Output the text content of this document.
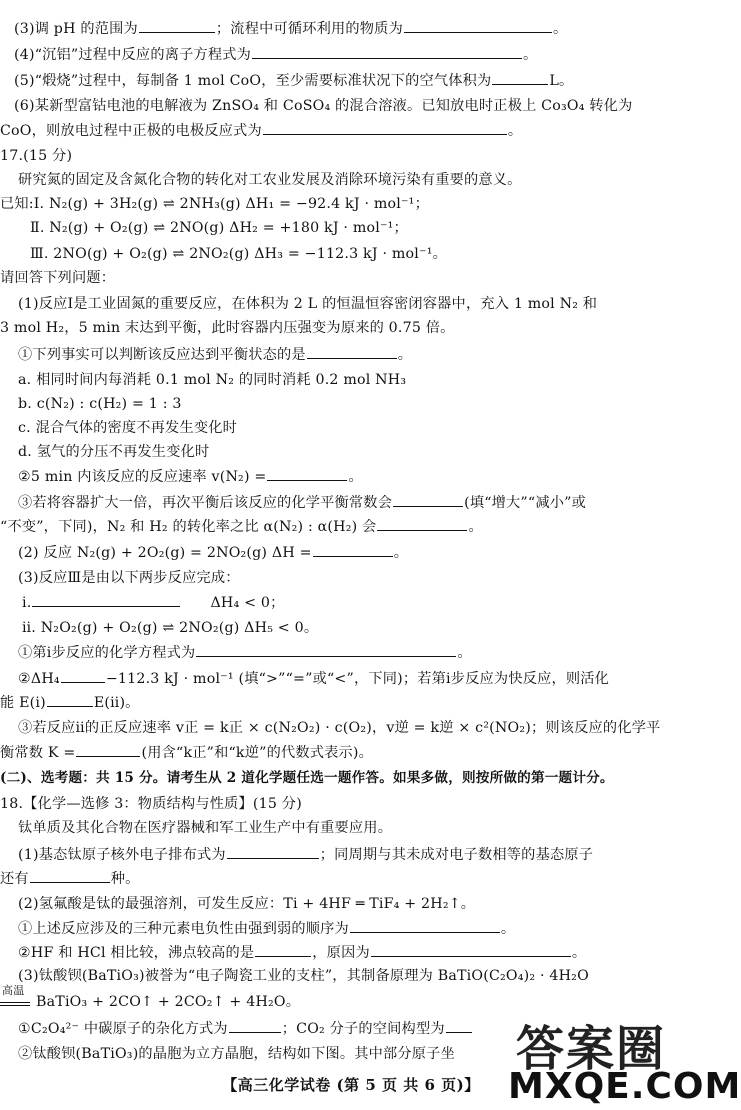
(3)调 pH 的范围为	；流程中可循环利用的物质为	。
(4)“沉铝”过程中反应的离子方程式为	。
(5)“煅烧”过程中，每制备 1 mol CoO，至少需要标准状况下的空气体积为	L。
(6)某新型富钴电池的电解液为 ZnSO₄ 和 CoSO₄ 的混合溶液。已知放电时正极上 Co₃O₄ 转化为
CoO，则放电过程中正极的电极反应式为	。
17.(15 分)
研究氮的固定及含氮化合物的转化对工农业发展及消除环境污染有重要的意义。
已知:Ⅰ. N₂(g) + 3H₂(g) ⇌ 2NH₃(g) ΔH₁ = −92.4 kJ · mol⁻¹；
Ⅱ. N₂(g) + O₂(g) ⇌ 2NO(g) ΔH₂ = +180 kJ · mol⁻¹；
Ⅲ. 2NO(g) + O₂(g) ⇌ 2NO₂(g) ΔH₃ = −112.3 kJ · mol⁻¹。
请回答下列问题：
(1)反应Ⅰ是工业固氮的重要反应，在体积为 2 L 的恒温恒容密闭容器中，充入 1 mol N₂ 和
3 mol H₂，5 min 末达到平衡，此时容器内压强变为原来的 0.75 倍。
①下列事实可以判断该反应达到平衡状态的是	。
a. 相同时间内每消耗 0.1 mol N₂ 的同时消耗 0.2 mol NH₃
b. c(N₂) : c(H₂) = 1 : 3
c. 混合气体的密度不再发生变化时
d. 氢气的分压不再发生变化时
②5 min 内该反应的反应速率 v(N₂) =	。
③若将容器扩大一倍，再次平衡后该反应的化学平衡常数会	(填“增大”“减小”或
“不变”，下同)，N₂ 和 H₂ 的转化率之比 α(N₂) : α(H₂) 会	。
(2) 反应 N₂(g) + 2O₂(g) = 2NO₂(g) ΔH =	。
(3)反应Ⅲ是由以下两步反应完成：
ⅰ.	ΔH₄ < 0；
ⅱ. N₂O₂(g) + O₂(g) ⇌ 2NO₂(g) ΔH₅ < 0。
①第ⅰ步反应的化学方程式为	。
②ΔH₄	−112.3 kJ · mol⁻¹ (填“>”“=”或“<”，下同)；若第ⅰ步反应为快反应，则活化
能 E(ⅰ)	E(ⅱ)。
③若反应ⅱ的正反应速率 v正 = k正 × c(N₂O₂) · c(O₂)，v逆 = k逆 × c²(NO₂)；则该反应的化学平
衡常数 K =	(用含“k正”和“k逆”的代数式表示)。
(二)、选考题：共 15 分。请考生从 2 道化学题任选一题作答。如果多做，则按所做的第一题计分。
18.【化学—选修 3：物质结构与性质】(15 分)
钛单质及其化合物在医疗器械和军工业生产中有重要应用。
(1)基态钛原子核外电子排布式为	；同周期与其未成对电子数相等的基态原子
还有	种。
(2)氢氟酸是钛的最强溶剂，可发生反应：Ti + 4HF ═ TiF₄ + 2H₂↑。
①上述反应涉及的三种元素电负性由强到弱的顺序为	。
②HF 和 HCl 相比较，沸点较高的是	，原因为	。
(3)钛酸钡(BaTiO₃)被誉为“电子陶瓷工业的支柱”，其制备原理为 BaTiO(C₂O₄)₂ · 4H₂O
高温
BaTiO₃ + 2CO↑ + 2CO₂↑ + 4H₂O。
①C₂O₄²⁻ 中碳原子的杂化方式为	；CO₂ 分子的空间构型为
②钛酸钡(BaTiO₃)的晶胞为立方晶胞，结构如下图。其中部分原子坐
【高三化学试卷 (第 5 页 共 6 页)】
答案圈
MXQE.COM
